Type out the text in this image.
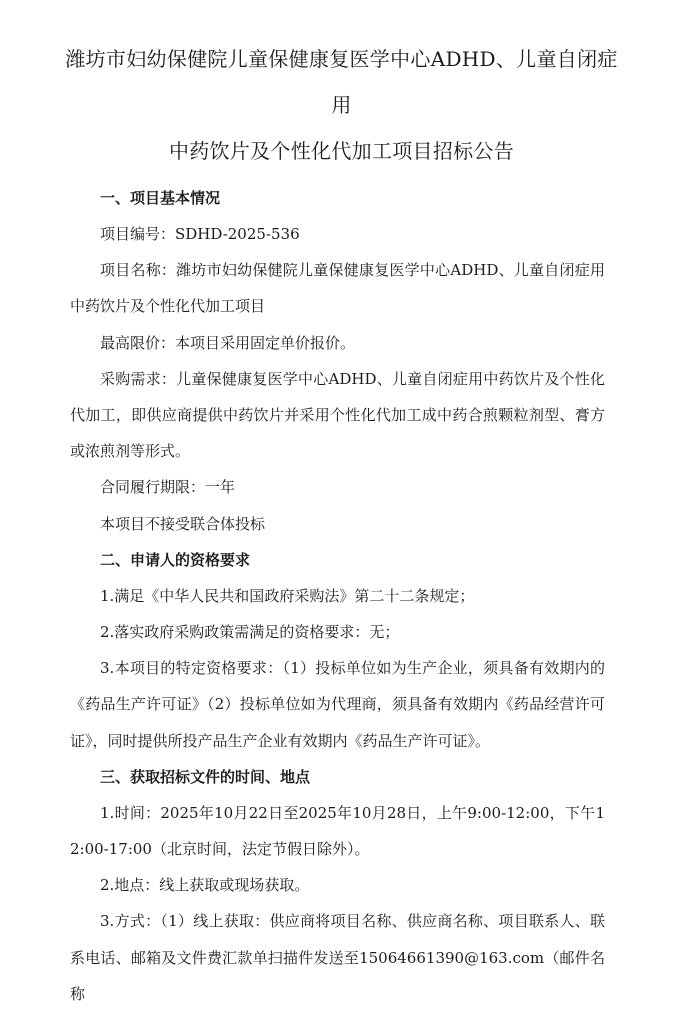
潍坊市妇幼保健院儿童保健康复医学中心ADHD、儿童自闭症用
中药饮片及个性化代加工项目招标公告
一、项目基本情况

项目编号：SDHD-2025-536

项目名称：潍坊市妇幼保健院儿童保健康复医学中心ADHD、儿童自闭症用中药饮片及个性化代加工项目

最高限价：本项目采用固定单价报价。

采购需求：儿童保健康复医学中心ADHD、儿童自闭症用中药饮片及个性化代加工，即供应商提供中药饮片并采用个性化代加工成中药合煎颗粒剂型、膏方或浓煎剂等形式。

合同履行期限：一年

本项目不接受联合体投标

二、申请人的资格要求

1.满足《中华人民共和国政府采购法》第二十二条规定；

2.落实政府采购政策需满足的资格要求：无；

3.本项目的特定资格要求：（1）投标单位如为生产企业，须具备有效期内的《药品生产许可证》（2）投标单位如为代理商，须具备有效期内《药品经营许可证》，同时提供所投产品生产企业有效期内《药品生产许可证》。

三、获取招标文件的时间、地点

1.时间：2025年10月22日至2025年10月28日，上午9:00-12:00，下午12:00-17:00（北京时间，法定节假日除外）。

2.地点：线上获取或现场获取。

3.方式：（1）线上获取：供应商将项目名称、供应商名称、项目联系人、联系电话、邮箱及文件费汇款单扫描件发送至15064661390@163.com（邮件名称
